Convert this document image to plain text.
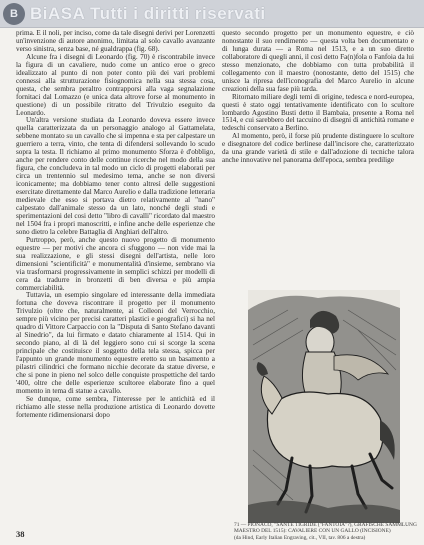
B BiASA Tutti i diritti riservati

prima. E il noli, per inciso, come da tale disegni derivi per Lorenzetti un'invenzione di autore anonimo, limitata al solo cavallo avanzante verso sinistra, senza base, né gualdrappa (fig. 68).

Alcune fra i disegni di Leonardo (fig. 70) è riscontrabile invece la figura di un cavaliere, nudo come un antico eroe o greco idealizzato al punto di non poter conto più dei vari problemi connessi alla strutturazione fisiognomica nella sua stessa cosa, questa, che sembra peraltro contrapporsi alla vaga segnalazione fornitaci dal Lomazzo (e unica data altrove forse al monumento in questione) di un possibile ritratto del Trivulzio eseguito da Leonardo.

Un'altra versione studiata da Leonardo doveva essere invece quella caratterizzata da un personaggio analogo al Gattamelata, sebbene montato su un cavallo che si impenna e sta per calpestare un guerriero a terra, vinto, che tenta di difendersi sollevando lo scudo sopra la testa. Il richiamo al primo monumento Sforza è d'obbligo, anche per rendere conto delle continue ricerche nel modo della sua figura, che concludeva in tal modo un ciclo di progetti elaborati per circa un trentennio sul medesimo tema, anche se non diversi iconicamente; ma dobbiamo tener conto altresì delle suggestioni esercitate direttamente dal Marco Aurelio e dalla tradizione letteraria medievale che esso si portava dietro relativamente al "nano" calpestato dall'animale stesso da un lato, nonché degli studi e sperimentazioni del cosi detto "libro di cavalli" ricordato dal maestro nel 1504 fra i propri manoscritti, e infine anche delle esperienze che sono dietro la celebre Battaglia di Anghiari dell'altro.

Purtroppo, però, anche questo nuovo progetto di monumento equestre — per motivi che ancora ci sfuggono — non vide mai la sua realizzazione, e gli stessi disegni dell'artista, nelle loro dimensioni "scientificità" e monumentalità d'insieme, sembrano via via trasformarsi progressivamente in semplici schizzi per modelli di cera da tradurre in bronzetti di ben diversa e più ampia commerciabilità.

Tuttavia, un esempio singolare ed interessante della immediata fortuna che doveva riscontrare il progetto per il monumento Trivulzio (oltre che, naturalmente, ai Colleoni del Verrocchio, sempre più vicino per precisi caratteri plastici e geografici) si ha nel quadro di Vittore Carpaccio con la "Disputa di Santo Stefano davanti al Sinedrio", da lui firmato e datato chiaramente al 1514. Qui in secondo piano, al di là del leggiero sono cui si scorge la scena principale che costituisce il soggetto della tela stessa, spicca per l'appunto un grande monumento equestre eretto su un basamento a pilastri cilindrici che formano nicchie decorate da statue diverse, e che si pone in pieno nel solco delle conquiste prospettiche del tardo '400, oltre che delle esperienze scultoree elaborate fino a quel momento in tema di statue a cavallo.

Se dunque, come sembra, l'interesse per le antichità ed il richiamo alle stesse nella produzione artistica di Leonardo dovette fortemente ridimensionarsi dopo

questo secondo progetto per un monumento equestre, e ciò nonostante il suo rendimento — questa volta ben documentato e di lunga durata — a Roma nel 1513, e a un suo diretto collaboratore di quegli anni, il così detto Fa(n)fola o Fanfoia da lui stesso menzionato, che dobbiamo con tutta probabilità il collegamento con il maestro (nonostante, detto del 1515) che unisce la ripresa dell'iconografia del Marco Aurelio in alcune creazioni della sua fase più tarda.

Ritornato miliare degli temi di origine, tedesca e nord-europea, questi è stato oggi tentativamente identificato con lo scultore lombardo Agostino Busti detto il Bambaia, presente a Roma nel 1514, e cui sarebbero del taccuino di disegni di antichità romane e tedeschi conservato a Berlino.

Al momento, però, il forse più prudente distinguere lo scultore e disegnatore del codice berlinese dall'incisore che, caratterizzato da una grande varietà di stile e dall'adozione di tecniche talora anche innovative nel panorama dell'epoca, sembra predilige

71 — PIONACO, "SANTE TIGRIDE ("FANTOIA"?), GRAFISCHE SAMMLUNG MAESTRO DEL 1515): CAVALIERE CON UN GALLO (INCISIONE)

(da Hind, Early Italian Engraving, cit., VII, tav. 806 a destra)

38
